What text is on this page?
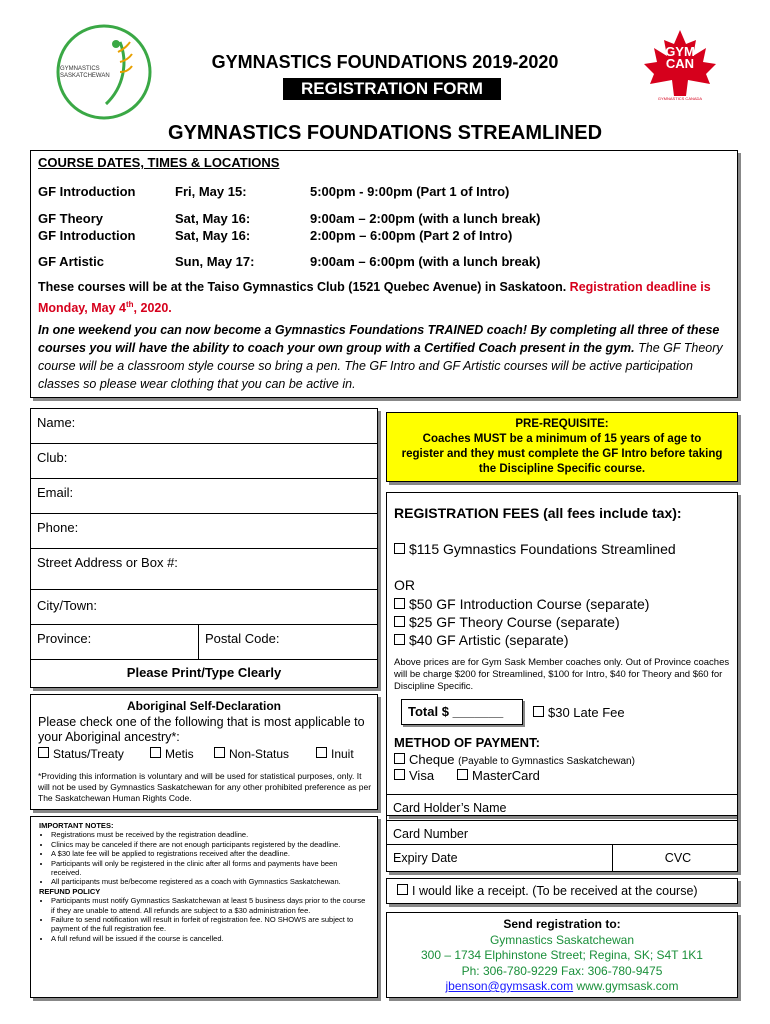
GYMNASTICS
SASKATCHEWAN
GYMNASTICS FOUNDATIONS 2019-2020
REGISTRATION FORM
GYM
CAN
GYMNASTICS CANADA
GYMNASTICS FOUNDATIONS STREAMLINED
COURSE DATES, TIMES & LOCATIONS
GF Introduction	Fri, May 15:	5:00pm - 9:00pm (Part 1 of Intro)
GF Theory	Sat, May 16:	9:00am – 2:00pm (with a lunch break)
GF Introduction	Sat, May 16:	2:00pm – 6:00pm (Part 2 of Intro)
GF Artistic	Sun, May 17:	9:00am – 6:00pm (with a lunch break)
These courses will be at the Taiso Gymnastics Club (1521 Quebec Avenue) in Saskatoon. Registration deadline is Monday, May 4th, 2020.
In one weekend you can now become a Gymnastics Foundations TRAINED coach! By completing all three of these courses you will have the ability to coach your own group with a Certified Coach present in the gym. The GF Theory course will be a classroom style course so bring a pen. The GF Intro and GF Artistic courses will be active participation classes so please wear clothing that you can be active in.
Name:
Club:
Email:
Phone:
Street Address or Box #:
City/Town:
Province:	Postal Code:
Please Print/Type Clearly
Aboriginal Self-Declaration
Please check one of the following that is most applicable to your Aboriginal ancestry*:
Status/Treaty	Metis	Non-Status	Inuit
*Providing this information is voluntary and will be used for statistical purposes, only. It will not be used by Gymnastics Saskatchewan for any other prohibited preference as per The Saskatchewan Human Rights Code.
IMPORTANT NOTES:
• Registrations must be received by the registration deadline.
• Clinics may be canceled if there are not enough participants registered by the deadline.
• A $30 late fee will be applied to registrations received after the deadline.
• Participants will only be registered in the clinic after all forms and payments have been received.
• All participants must be/become registered as a coach with Gymnastics Saskatchewan.
REFUND POLICY
• Participants must notify Gymnastics Saskatchewan at least 5 business days prior to the course if they are unable to attend. All refunds are subject to a $30 administration fee.
• Failure to send notification will result in forfeit of registration fee. NO SHOWS are subject to payment of the full registration fee.
• A full refund will be issued if the course is cancelled.
PRE-REQUISITE:
Coaches MUST be a minimum of 15 years of age to register and they must complete the GF Intro before taking the Discipline Specific course.
REGISTRATION FEES (all fees include tax):
$115 Gymnastics Foundations Streamlined
OR
$50 GF Introduction Course (separate)
$25 GF Theory Course (separate)
$40 GF Artistic (separate)
Above prices are for Gym Sask Member coaches only. Out of Province coaches will be charge $200 for Streamlined, $100 for Intro, $40 for Theory and $60 for Discipline Specific.
Total $ _______	$30 Late Fee
METHOD OF PAYMENT:
Cheque (Payable to Gymnastics Saskatchewan)
Visa	MasterCard
Card Holder’s Name
Card Number
Expiry Date	CVC
I would like a receipt. (To be received at the course)
Send registration to:
Gymnastics Saskatchewan
300 – 1734 Elphinstone Street; Regina, SK; S4T 1K1
Ph: 306-780-9229 Fax: 306-780-9475
jbenson@gymsask.com www.gymsask.com
